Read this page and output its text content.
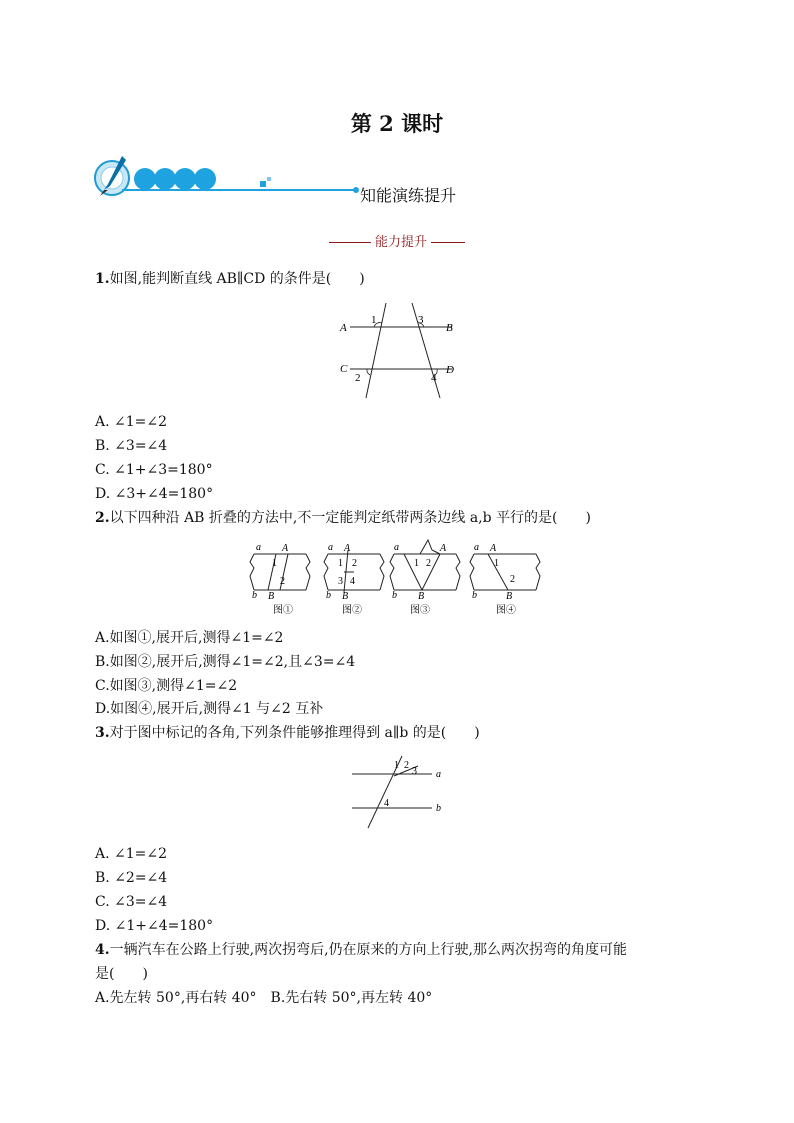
第 2 课时
知能演练提升
能力提升
1.如图,能判断直线 AB∥CD 的条件是(　　)
A	B
C	D
1	3
2	4
A. ∠1=∠2
B. ∠3=∠4
C. ∠1+∠3=180°
D. ∠3+∠4=180°
2.以下四种沿 AB 折叠的方法中,不一定能判定纸带两条边线 a,b 平行的是(　　)
a A
1
2
b B
图①
a A
1 2
3 4
b B
图②
a	A
1 2
b B
图③
a A
1
2
b	B
图④
A.如图①,展开后,测得∠1=∠2
B.如图②,展开后,测得∠1=∠2,且∠3=∠4
C.如图③,测得∠1=∠2
D.如图④,展开后,测得∠1 与∠2 互补
3.对于图中标记的各角,下列条件能够推理得到 a∥b 的是(　　)
a
b
1 2
3
4
A. ∠1=∠2
B. ∠2=∠4
C. ∠3=∠4
D. ∠1+∠4=180°
4.一辆汽车在公路上行驶,两次拐弯后,仍在原来的方向上行驶,那么两次拐弯的角度可能
是(　　)
A.先左转 50°,再右转 40°　B.先右转 50°,再左转 40°
